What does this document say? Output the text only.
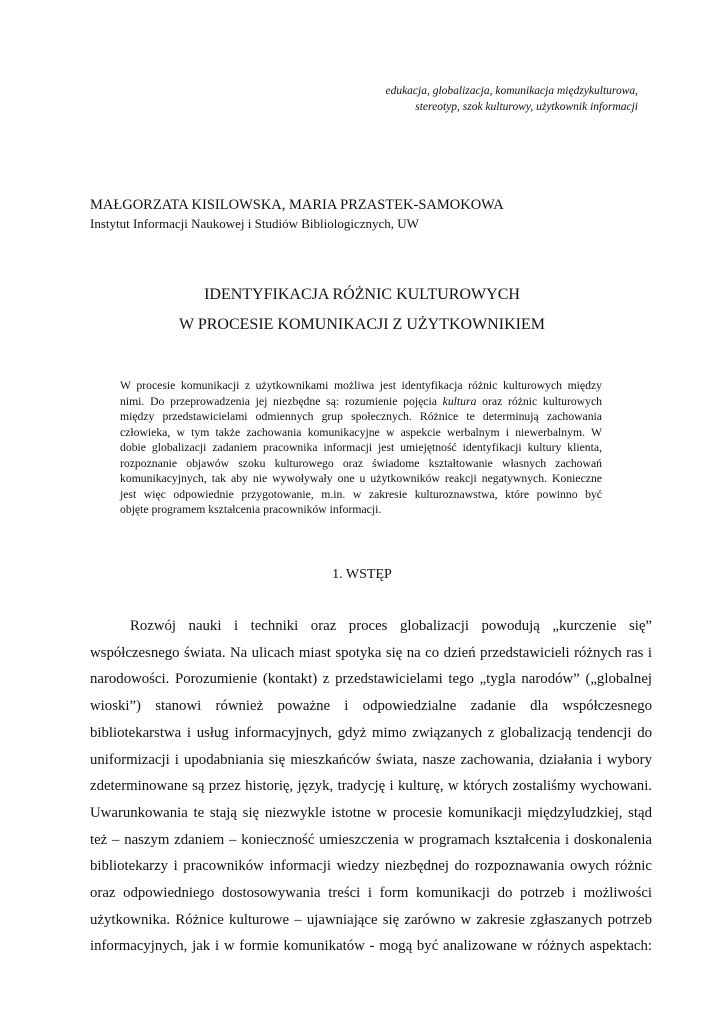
edukacja, globalizacja, komunikacja międzykulturowa,
stereotyp, szok kulturowy, użytkownik informacji
MAŁGORZATA KISILOWSKA, MARIA PRZASTEK-SAMOKOWA
Instytut Informacji Naukowej i Studiów Bibliologicznych, UW
IDENTYFIKACJA RÓŻNIC KULTUROWYCH
W PROCESIE KOMUNIKACJI Z UŻYTKOWNIKIEM
W procesie komunikacji z użytkownikami możliwa jest identyfikacja różnic kulturowych między
nimi. Do przeprowadzenia jej niezbędne są: rozumienie pojęcia kultura oraz różnic kulturowych
między przedstawicielami odmiennych grup społecznych. Różnice te determinują zachowania
człowieka, w tym także zachowania komunikacyjne w aspekcie werbalnym i niewerbalnym. W
dobie globalizacji zadaniem pracownika informacji jest umiejętność identyfikacji kultury klienta,
rozpoznanie objawów szoku kulturowego oraz świadome kształtowanie własnych zachowań
komunikacyjnych, tak aby nie wywoływały one u użytkowników reakcji negatywnych. Konieczne
jest więc odpowiednie przygotowanie, m.in. w zakresie kulturoznawstwa, które powinno być
objęte programem kształcenia pracowników informacji.
1. WSTĘP
Rozwój nauki i techniki oraz proces globalizacji powodują „kurczenie się”
współczesnego świata. Na ulicach miast spotyka się na co dzień przedstawicieli różnych ras i
narodowości. Porozumienie (kontakt) z przedstawicielami tego „tygla narodów” („globalnej
wioski”) stanowi również poważne i odpowiedzialne zadanie dla współczesnego
bibliotekarstwa i usług informacyjnych, gdyż mimo związanych z globalizacją tendencji do
uniformizacji i upodabniania się mieszkańców świata, nasze zachowania, działania i wybory
zdeterminowane są przez historię, język, tradycję i kulturę, w których zostaliśmy wychowani.
Uwarunkowania te stają się niezwykle istotne w procesie komunikacji międzyludzkiej, stąd
też – naszym zdaniem – konieczność umieszczenia w programach kształcenia i doskonalenia
bibliotekarzy i pracowników informacji wiedzy niezbędnej do rozpoznawania owych różnic
oraz odpowiedniego dostosowywania treści i form komunikacji do potrzeb i możliwości
użytkownika. Różnice kulturowe – ujawniające się zarówno w zakresie zgłaszanych potrzeb
informacyjnych, jak i w formie komunikatów - mogą być analizowane w różnych aspektach:
